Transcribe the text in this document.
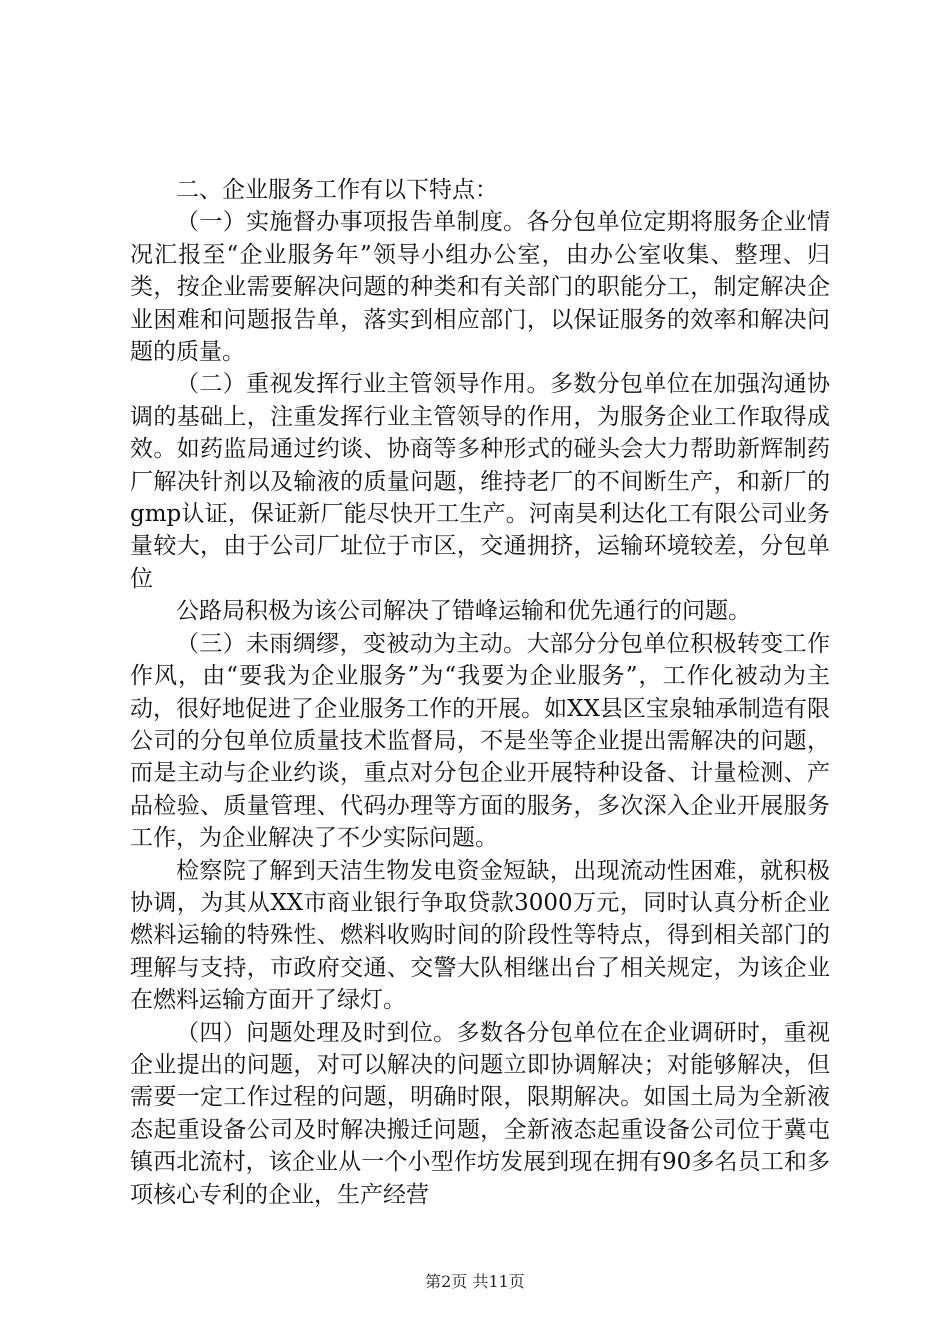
二、企业服务工作有以下特点：

（一）实施督办事项报告单制度。各分包单位定期将服务企业情况汇报至“企业服务年”领导小组办公室，由办公室收集、整理、归类，按企业需要解决问题的种类和有关部门的职能分工，制定解决企业困难和问题报告单，落实到相应部门，以保证服务的效率和解决问题的质量。

（二）重视发挥行业主管领导作用。多数分包单位在加强沟通协调的基础上，注重发挥行业主管领导的作用，为服务企业工作取得成效。如药监局通过约谈、协商等多种形式的碰头会大力帮助新辉制药厂解决针剂以及输液的质量问题，维持老厂的不间断生产，和新厂的gmp认证，保证新厂能尽快开工生产。河南昊利达化工有限公司业务量较大，由于公司厂址位于市区，交通拥挤，运输环境较差，分包单位

公路局积极为该公司解决了错峰运输和优先通行的问题。

（三）未雨绸缪，变被动为主动。大部分分包单位积极转变工作作风，由“要我为企业服务”为“我要为企业服务”，工作化被动为主动，很好地促进了企业服务工作的开展。如XX县区宝泉轴承制造有限公司的分包单位质量技术监督局，不是坐等企业提出需解决的问题，而是主动与企业约谈，重点对分包企业开展特种设备、计量检测、产品检验、质量管理、代码办理等方面的服务，多次深入企业开展服务工作，为企业解决了不少实际问题。

检察院了解到天洁生物发电资金短缺，出现流动性困难，就积极协调，为其从XX市商业银行争取贷款3000万元，同时认真分析企业燃料运输的特殊性、燃料收购时间的阶段性等特点，得到相关部门的理解与支持，市政府交通、交警大队相继出台了相关规定，为该企业在燃料运输方面开了绿灯。

（四）问题处理及时到位。多数各分包单位在企业调研时，重视企业提出的问题，对可以解决的问题立即协调解决；对能够解决，但需要一定工作过程的问题，明确时限，限期解决。如国土局为全新液态起重设备公司及时解决搬迁问题，全新液态起重设备公司位于冀屯镇西北流村，该企业从一个小型作坊发展到现在拥有90多名员工和多项核心专利的企业，生产经营

第2页 共11页
